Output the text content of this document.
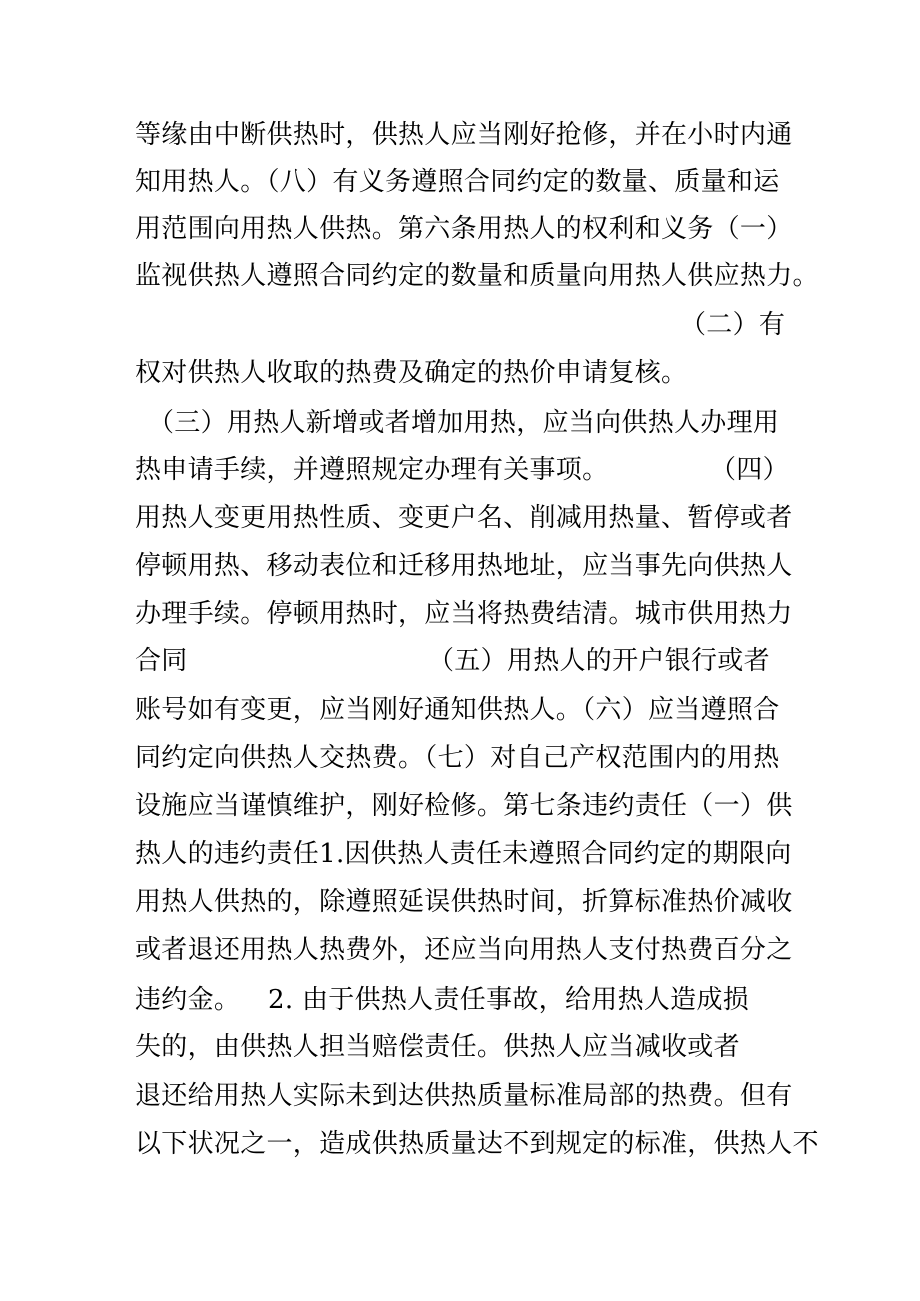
等缘由中断供热时，供热人应当刚好抢修，并在小时内通
知用热人。（八）有义务遵照合同约定的数量、质量和运
用范围向用热人供热。第六条用热人的权利和义务（一）
监视供热人遵照合同约定的数量和质量向用热人供应热力。
（二）有
权对供热人收取的热费及确定的热价申请复核。
（三）用热人新增或者增加用热，应当向供热人办理用
热申请手续，并遵照规定办理有关事项。	（四）
用热人变更用热性质、变更户名、削减用热量、暂停或者
停顿用热、移动表位和迁移用热地址，应当事先向供热人
办理手续。停顿用热时，应当将热费结清。城市供用热力
合同	（五）用热人的开户银行或者
账号如有变更，应当刚好通知供热人。（六）应当遵照合
同约定向供热人交热费。（七）对自己产权范围内的用热
设施应当谨慎维护，刚好检修。第七条违约责任（一）供
热人的违约责任1.因供热人责任未遵照合同约定的期限向
用热人供热的，除遵照延误供热时间，折算标准热价减收
或者退还用热人热费外，还应当向用热人支付热费百分之
违约金。	2. 由于供热人责任事故，给用热人造成损
失的，由供热人担当赔偿责任。供热人应当减收或者
退还给用热人实际未到达供热质量标准局部的热费。但有
以下状况之一，造成供热质量达不到规定的标准，供热人不
